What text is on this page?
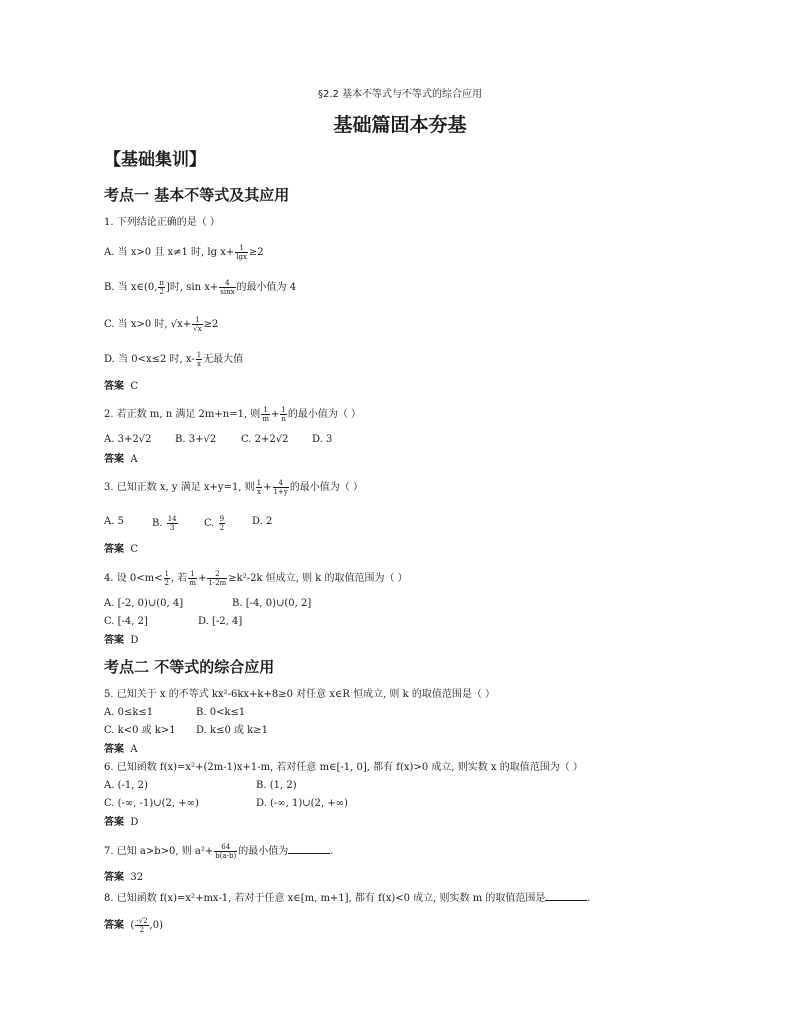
§2.2 基本不等式与不等式的综合应用
基础篇固本夯基
【基础集训】
考点一 基本不等式及其应用
1. 下列结论正确的是（ ）
A. 当 x>0 且 x≠1 时, $\lg x+ \frac{1}{\lg x} \ge 2$
B. 当 x∈(0, $\frac{\pi}{2}$ ]时, $\sin x+ \frac{4}{\sin x}$ 的最小值为 4
C. 当 x>0 时, $√x+ \frac{1}{√x} \ge 2$
D. 当 0<x≤2 时, $x- \frac{1}{x}$ 无最大值
答案 C
2. 若正数 m, n 满足 2m+n=1, 则 $\frac{1}{m} + \frac{1}{n}$ 的最小值为（ ）
A. 3+2√2 B. 3+√2 C. 2+2√2 D. 3
答案 A
3. 已知正数 x, y 满足 x+y=1, 则 $\frac{1}{x} + \frac{4}{1+y}$ 的最小值为（ ）
A. 5	B. $\frac{14}{3}$	C. $\frac{9}{2}$	D. 2
答案 C
4. 设 $0<m< \frac{1}{2}$ , 若 $\frac{1}{m} + \frac{2}{1-2m} \ge k^2-2k$ 恒成立, 则 k 的取值范围为（ ）
A. [-2, 0)∪(0, 4]	B. [-4, 0)∪(0, 2]
C. [-4, 2]	D. [-2, 4]
答案 D
考点二 不等式的综合应用
5. 已知关于 x 的不等式 kx²-6kx+k+8≥0 对任意 x∈R 恒成立, 则 k 的取值范围是（ ）
A. 0≤k≤1	B. 0<k≤1
C. k<0 或 k>1 D. k≤0 或 k≥1
答案 A
6. 已知函数 f(x)=x²+(2m-1)x+1-m, 若对任意 m∈[-1, 0], 都有 f(x)>0 成立, 则实数 x 的取值范围为（ ）
A. (-1, 2)	B. (1, 2)
C. (-∞, -1)∪(2, +∞)	D. (-∞, 1)∪(2, +∞)
答案 D
7. 已知 a>b>0, 则 $a^2+ \frac{64}{b(a-b)}$ 的最小值为	.
答案 32
8. 已知函数 f(x)=x²+mx-1, 若对于任意 x∈[m, m+1], 都有 f(x)<0 成立, 则实数 m 的取值范围是	.
答案 ( $\frac{-√2}{2} ,0$)
